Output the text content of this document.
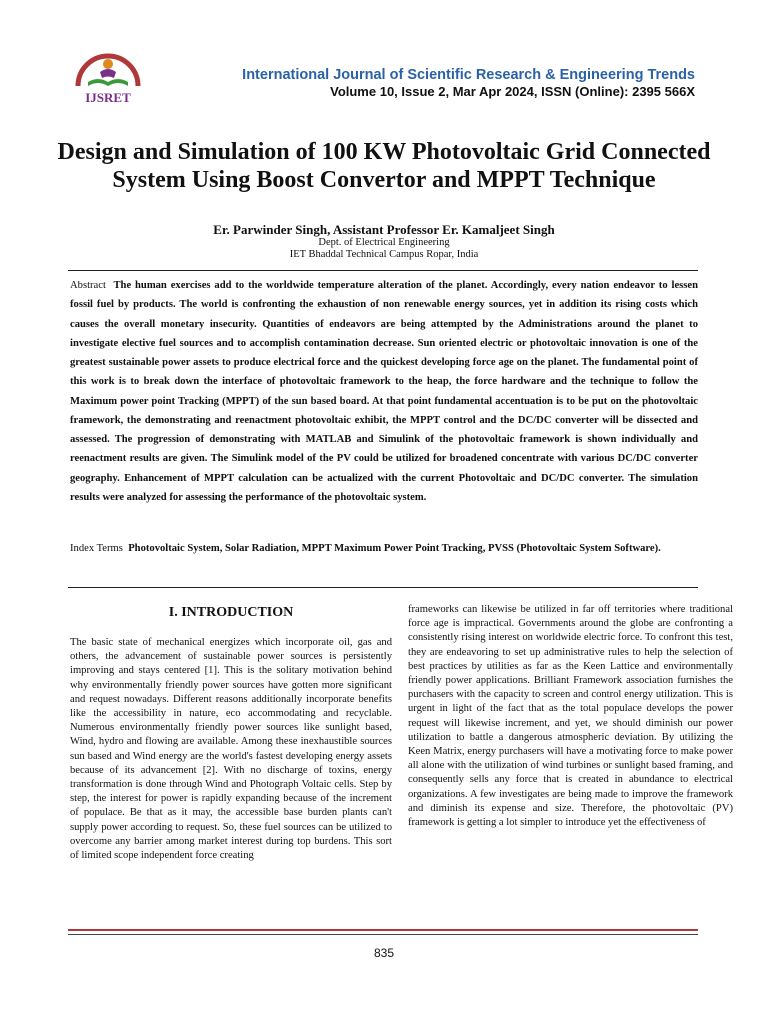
IJSRET
International Journal of Scientific Research & Engineering Trends
Volume 10, Issue 2, Mar Apr 2024, ISSN (Online): 2395 566X
Design and Simulation of 100 KW Photovoltaic Grid Connected System Using Boost Convertor and MPPT Technique
Er. Parwinder Singh, Assistant Professor Er. Kamaljeet Singh
Dept. of Electrical Engineering
IET Bhaddal Technical Campus Ropar, India
Abstract The human exercises add to the worldwide temperature alteration of the planet. Accordingly, every nation endeavor to lessen fossil fuel by products. The world is confronting the exhaustion of non renewable energy sources, yet in addition its rising costs which causes the overall monetary insecurity. Quantities of endeavors are being attempted by the Administrations around the planet to investigate elective fuel sources and to accomplish contamination decrease. Sun oriented electric or photovoltaic innovation is one of the greatest sustainable power assets to produce electrical force and the quickest developing force age on the planet. The fundamental point of this work is to break down the interface of photovoltaic framework to the heap, the force hardware and the technique to follow the Maximum power point Tracking (MPPT) of the sun based board. At that point fundamental accentuation is to be put on the photovoltaic framework, the demonstrating and reenactment photovoltaic exhibit, the MPPT control and the DC/DC converter will be dissected and assessed. The progression of demonstrating with MATLAB and Simulink of the photovoltaic framework is shown individually and reenactment results are given. The Simulink model of the PV could be utilized for broadened concentrate with various DC/DC converter geography. Enhancement of MPPT calculation can be actualized with the current Photovoltaic and DC/DC converter. The simulation results were analyzed for assessing the performance of the photovoltaic system.
Index Terms Photovoltaic System, Solar Radiation, MPPT Maximum Power Point Tracking, PVSS (Photovoltaic System Software).
I. INTRODUCTION

The basic state of mechanical energizes which incorporate oil, gas and others, the advancement of sustainable power sources is persistently improving and stays centered [1]. This is the solitary motivation behind why environmentally friendly power sources have gotten more significant and request nowadays. Different reasons additionally incorporate benefits like the accessibility in nature, eco accommodating and recyclable. Numerous environmentally friendly power sources like sunlight based, Wind, hydro and flowing are available. Among these inexhaustible sources sun based and Wind energy are the world's fastest developing energy assets because of its advancement [2]. With no discharge of toxins, energy transformation is done through Wind and Photograph Voltaic cells. Step by step, the interest for power is rapidly expanding because of the increment of populace. Be that as it may, the accessible base burden plants can't supply power according to request. So, these fuel sources can be utilized to overcome any barrier among market interest during top burdens. This sort of limited scope independent force creating

frameworks can likewise be utilized in far off territories where traditional force age is impractical. Governments around the globe are confronting a consistently rising interest on worldwide electric force. To confront this test, they are endeavoring to set up administrative rules to help the selection of best practices by utilities as far as the Keen Lattice and environmentally friendly power applications. Brilliant Framework association furnishes the purchasers with the capacity to screen and control energy utilization. This is urgent in light of the fact that as the total populace develops the power request will likewise increment, and yet, we should diminish our power utilization to battle a dangerous atmospheric deviation. By utilizing the Keen Matrix, energy purchasers will have a motivating force to make power all alone with the utilization of wind turbines or sunlight based framing, and consequently sells any force that is created in abundance to electrical organizations. A few investigates are being made to improve the framework and diminish its expense and size. Therefore, the photovoltaic (PV) framework is getting a lot simpler to introduce yet the effectiveness of

835
